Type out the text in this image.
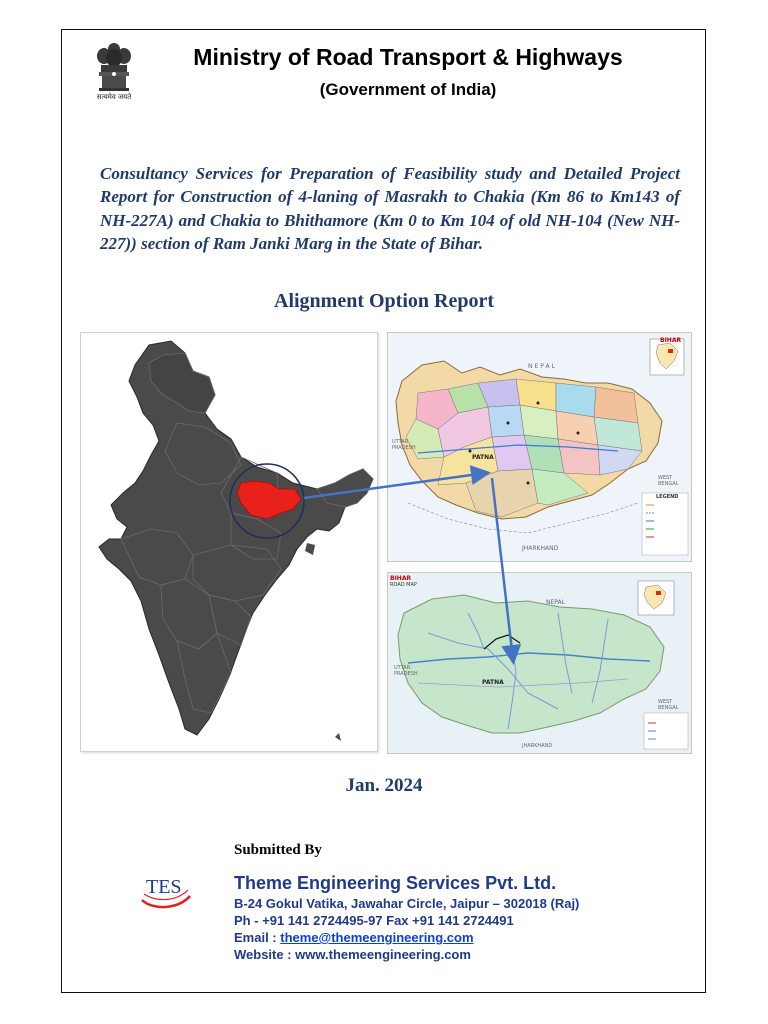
सत्यमेव जयते
Ministry of Road Transport & Highways
(Government of India)
Consultancy Services for Preparation of Feasibility study and Detailed Project Report for Construction of 4-laning of Masrakh to Chakia (Km 86 to Km143 of NH-227A) and Chakia to Bhithamore (Km 0 to Km 104 of old NH-104 (New NH-227)) section of Ram Janki Marg in the State of Bihar.
Alignment Option Report
BIHAR
NEPAL
UTTAR PRADESH
JHARKHAND
WEST BENGAL
PATNA
LEGEND
BIHAR
ROAD MAP
NEPAL
UTTAR PRADESH
JHARKHAND
WEST BENGAL
PATNA
Jan. 2024
Submitted By
TES	Theme Engineering Services Pvt. Ltd.
B-24 Gokul Vatika, Jawahar Circle, Jaipur – 302018 (Raj)
Ph - +91 141 2724495-97 Fax +91 141 2724491
Email : theme@themeengineering.com
Website : www.themeengineering.com
